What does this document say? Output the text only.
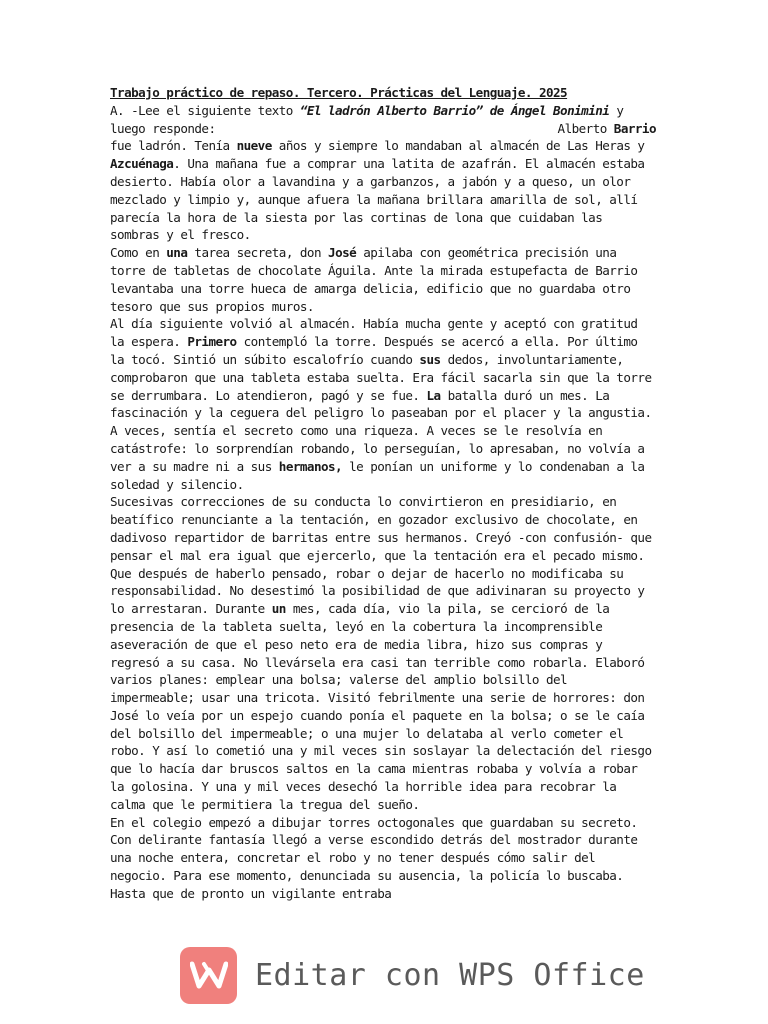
Trabajo práctico de repaso. Tercero. Prácticas del Lenguaje. 2025

A. -Lee el siguiente texto “El ladrón Alberto Barrio” de Ángel Bonimini y

luego responde:	Alberto Barrio

fue ladrón. Tenía nueve años y siempre lo mandaban al almacén de Las Heras y Azcuénaga. Una mañana fue a comprar una latita de azafrán. El almacén estaba desierto. Había olor a lavandina y a garbanzos, a jabón y a queso, un olor mezclado y limpio y, aunque afuera la mañana brillara amarilla de sol, allí parecía la hora de la siesta por las cortinas de lona que cuidaban las sombras y el fresco.

Como en una tarea secreta, don José apilaba con geométrica precisión una torre de tabletas de chocolate Águila. Ante la mirada estupefacta de Barrio levantaba una torre hueca de amarga delicia, edificio que no guardaba otro tesoro que sus propios muros.

Al día siguiente volvió al almacén. Había mucha gente y aceptó con gratitud la espera. Primero contempló la torre. Después se acercó a ella. Por último la tocó. Sintió un súbito escalofrío cuando sus dedos, involuntariamente, comprobaron que una tableta estaba suelta. Era fácil sacarla sin que la torre se derrumbara. Lo atendieron, pagó y se fue. La batalla duró un mes. La fascinación y la ceguera del peligro lo paseaban por el placer y la angustia. A veces, sentía el secreto como una riqueza. A veces se le resolvía en catástrofe: lo sorprendían robando, lo perseguían, lo apresaban, no volvía a ver a su madre ni a sus hermanos, le ponían un uniforme y lo condenaban a la soledad y silencio.

Sucesivas correcciones de su conducta lo convirtieron en presidiario, en beatífico renunciante a la tentación, en gozador exclusivo de chocolate, en dadivoso repartidor de barritas entre sus hermanos. Creyó -con confusión- que pensar el mal era igual que ejercerlo, que la tentación era el pecado mismo. Que después de haberlo pensado, robar o dejar de hacerlo no modificaba su responsabilidad. No desestimó la posibilidad de que adivinaran su proyecto y lo arrestaran. Durante un mes, cada día, vio la pila, se cercioró de la presencia de la tableta suelta, leyó en la cobertura la incomprensible aseveración de que el peso neto era de media libra, hizo sus compras y regresó a su casa. No llevársela era casi tan terrible como robarla. Elaboró varios planes: emplear una bolsa; valerse del amplio bolsillo del impermeable; usar una tricota. Visitó febrilmente una serie de horrores: don José lo veía por un espejo cuando ponía el paquete en la bolsa; o se le caía del bolsillo del impermeable; o una mujer lo delataba al verlo cometer el robo. Y así lo cometió una y mil veces sin soslayar la delectación del riesgo que lo hacía dar bruscos saltos en la cama mientras robaba y volvía a robar la golosina. Y una y mil veces desechó la horrible idea para recobrar la calma que le permitiera la tregua del sueño.

En el colegio empezó a dibujar torres octogonales que guardaban su secreto. Con delirante fantasía llegó a verse escondido detrás del mostrador durante una noche entera, concretar el robo y no tener después cómo salir del negocio. Para ese momento, denunciada su ausencia, la policía lo buscaba. Hasta que de pronto un vigilante entraba

Editar con WPS Office
